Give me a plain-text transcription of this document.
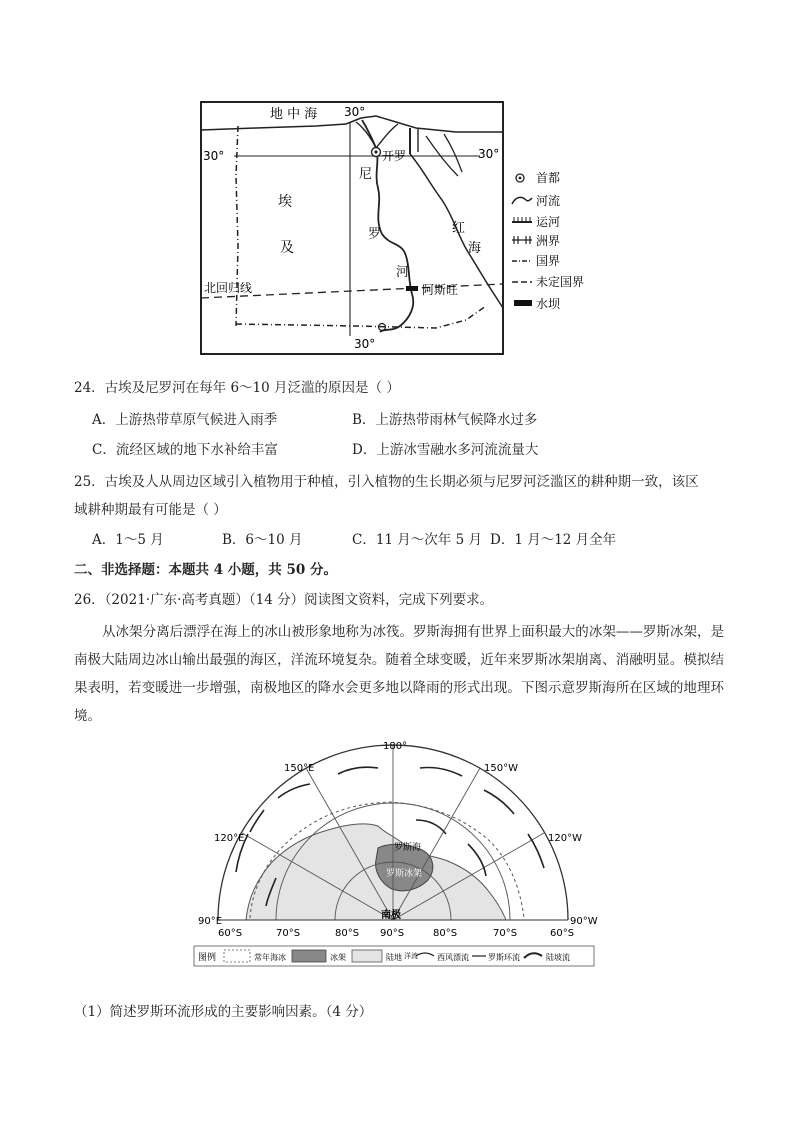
地 中 海 30°
30°	30°
30°
开罗
尼
罗
河
埃
及
红
海
北回归线	阿斯旺
首都
河流
运河
洲界
国界
未定国界
水坝
24．古埃及尼罗河在每年 6～10 月泛滥的原因是（ ）
A．上游热带草原气候进入雨季	B．上游热带雨林气候降水过多
C．流经区域的地下水补给丰富	D．上游冰雪融水多河流流量大
25．古埃及人从周边区域引入植物用于种植，引入植物的生长期必须与尼罗河泛滥区的耕种期一致，该区
域耕种期最有可能是（ ）
A．1～5 月	B．6～10 月	C．11 月～次年 5 月 D．1 月～12 月全年
二、非选择题：本题共 4 小题，共 50 分。
26．（2021·广东·高考真题）（14 分）阅读图文资料，完成下列要求。
从冰架分离后漂浮在海上的冰山被形象地称为冰筏。罗斯海拥有世界上面积最大的冰架——罗斯冰架，是南极大陆周边冰山输出最强的海区，洋流环境复杂。随着全球变暖，近年来罗斯冰架崩离、消融明显。模拟结果表明，若变暖进一步增强，南极地区的降水会更多地以降雨的形式出现。下图示意罗斯海所在区域的地理环境。
180°
150°E	150°W
120°E	120°W
90°E	90°W
罗斯海
罗斯冰架
南极
60°S	70°S	80°S 90°S	80°S	70°S	60°S
图例	常年海冰	冰架	陆地 洋流 西风漂流 罗斯环流	陆坡流
（1）简述罗斯环流形成的主要影响因素。（4 分）
